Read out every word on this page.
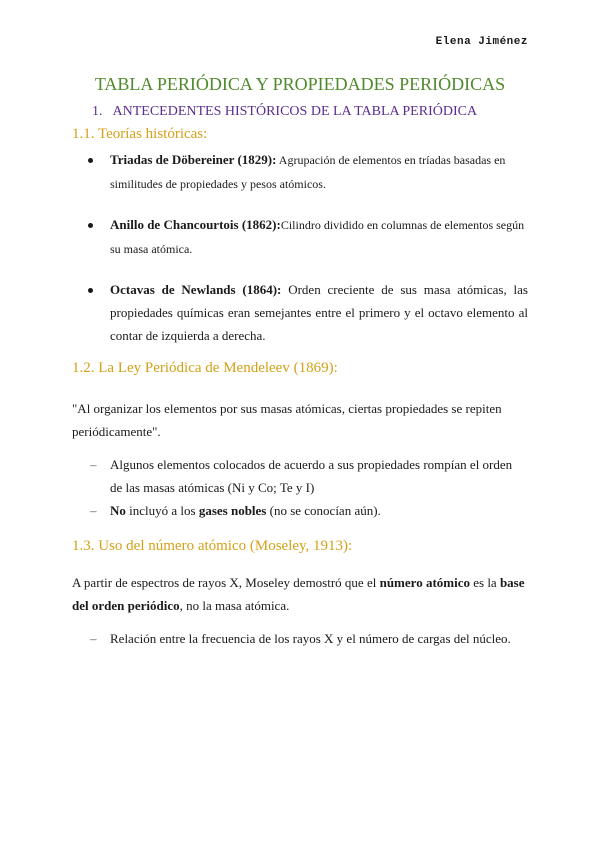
Elena Jiménez
TABLA PERIÓDICA Y PROPIEDADES PERIÓDICAS
1. ANTECEDENTES HISTÓRICOS DE LA TABLA PERIÓDICA
1.1. Teorías históricas:
Triadas de Döbereiner (1829): Agrupación de elementos en tríadas basadas en similitudes de propiedades y pesos atómicos.
Anillo de Chancourtois (1862):Cilindro dividido en columnas de elementos según su masa atómica.
Octavas de Newlands (1864): Orden creciente de sus masa atómicas, las propiedades químicas eran semejantes entre el primero y el octavo elemento al contar de izquierda a derecha.
1.2. La Ley Periódica de Mendeleev (1869):
"Al organizar los elementos por sus masas atómicas, ciertas propiedades se repiten periódicamente".
– Algunos elementos colocados de acuerdo a sus propiedades rompían el orden de las masas atómicas (Ni y Co; Te y I)
– No incluyó a los gases nobles (no se conocían aún).
1.3. Uso del número atómico (Moseley, 1913):
A partir de espectros de rayos X, Moseley demostró que el número atómico es la base del orden periódico, no la masa atómica.
– Relación entre la frecuencia de los rayos X y el número de cargas del núcleo.
